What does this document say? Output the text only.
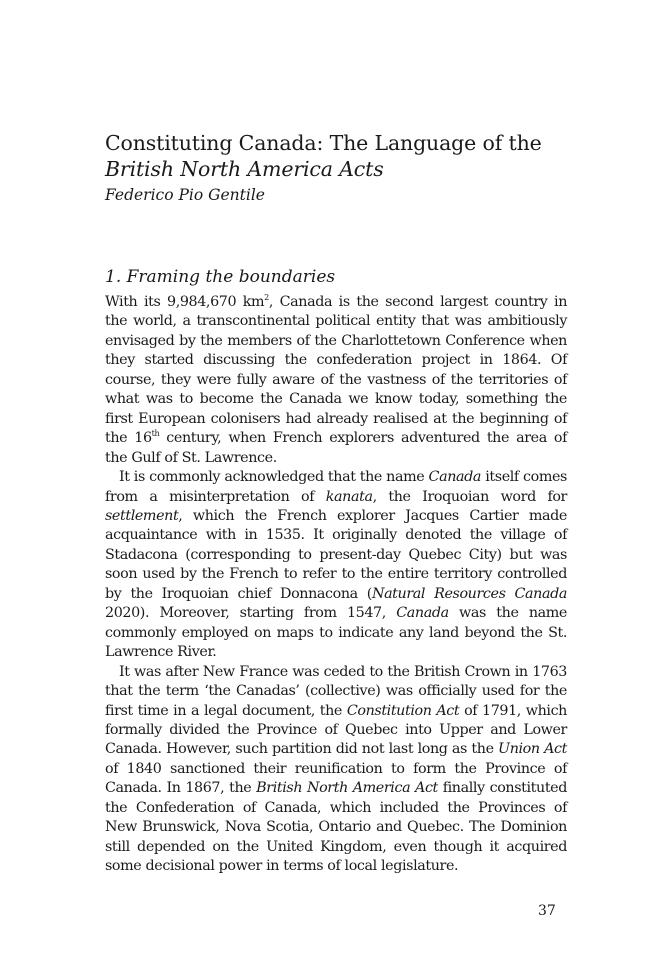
Constituting Canada: The Language of the British North America Acts

Federico Pio Gentile

1. Framing the boundaries

With its 9,984,670 $km^2$, Canada is the second largest country in the world, a transcontinental political entity that was ambitiously envisaged by the members of the Charlottetown Conference when they started discussing the confederation project in 1864. Of course, they were fully aware of the vastness of the territories of what was to become the Canada we know today, something the first European colonisers had already realised at the beginning of the 16th century, when French explorers adventured the area of the Gulf of St. Lawrence.

It is commonly acknowledged that the name Canada itself comes from a misinterpretation of kanata, the Iroquoian word for settlement, which the French explorer Jacques Cartier made acquaintance with in 1535. It originally denoted the village of Stadacona (corresponding to present-day Quebec City) but was soon used by the French to refer to the entire territory controlled by the Iroquoian chief Donnacona (Natural Resources Canada 2020). Moreover, starting from 1547, Canada was the name commonly employed on maps to indicate any land beyond the St. Lawrence River.

It was after New France was ceded to the British Crown in 1763 that the term ‘the Canadas’ (collective) was officially used for the first time in a legal document, the Constitution Act of 1791, which formally divided the Province of Quebec into Upper and Lower Canada. However, such partition did not last long as the Union Act of 1840 sanctioned their reunification to form the Province of Canada. In 1867, the British North America Act finally constituted the Confederation of Canada, which included the Provinces of New Brunswick, Nova Scotia, Ontario and Quebec. The Dominion still depended on the United Kingdom, even though it acquired some decisional power in terms of local legislature.

37
